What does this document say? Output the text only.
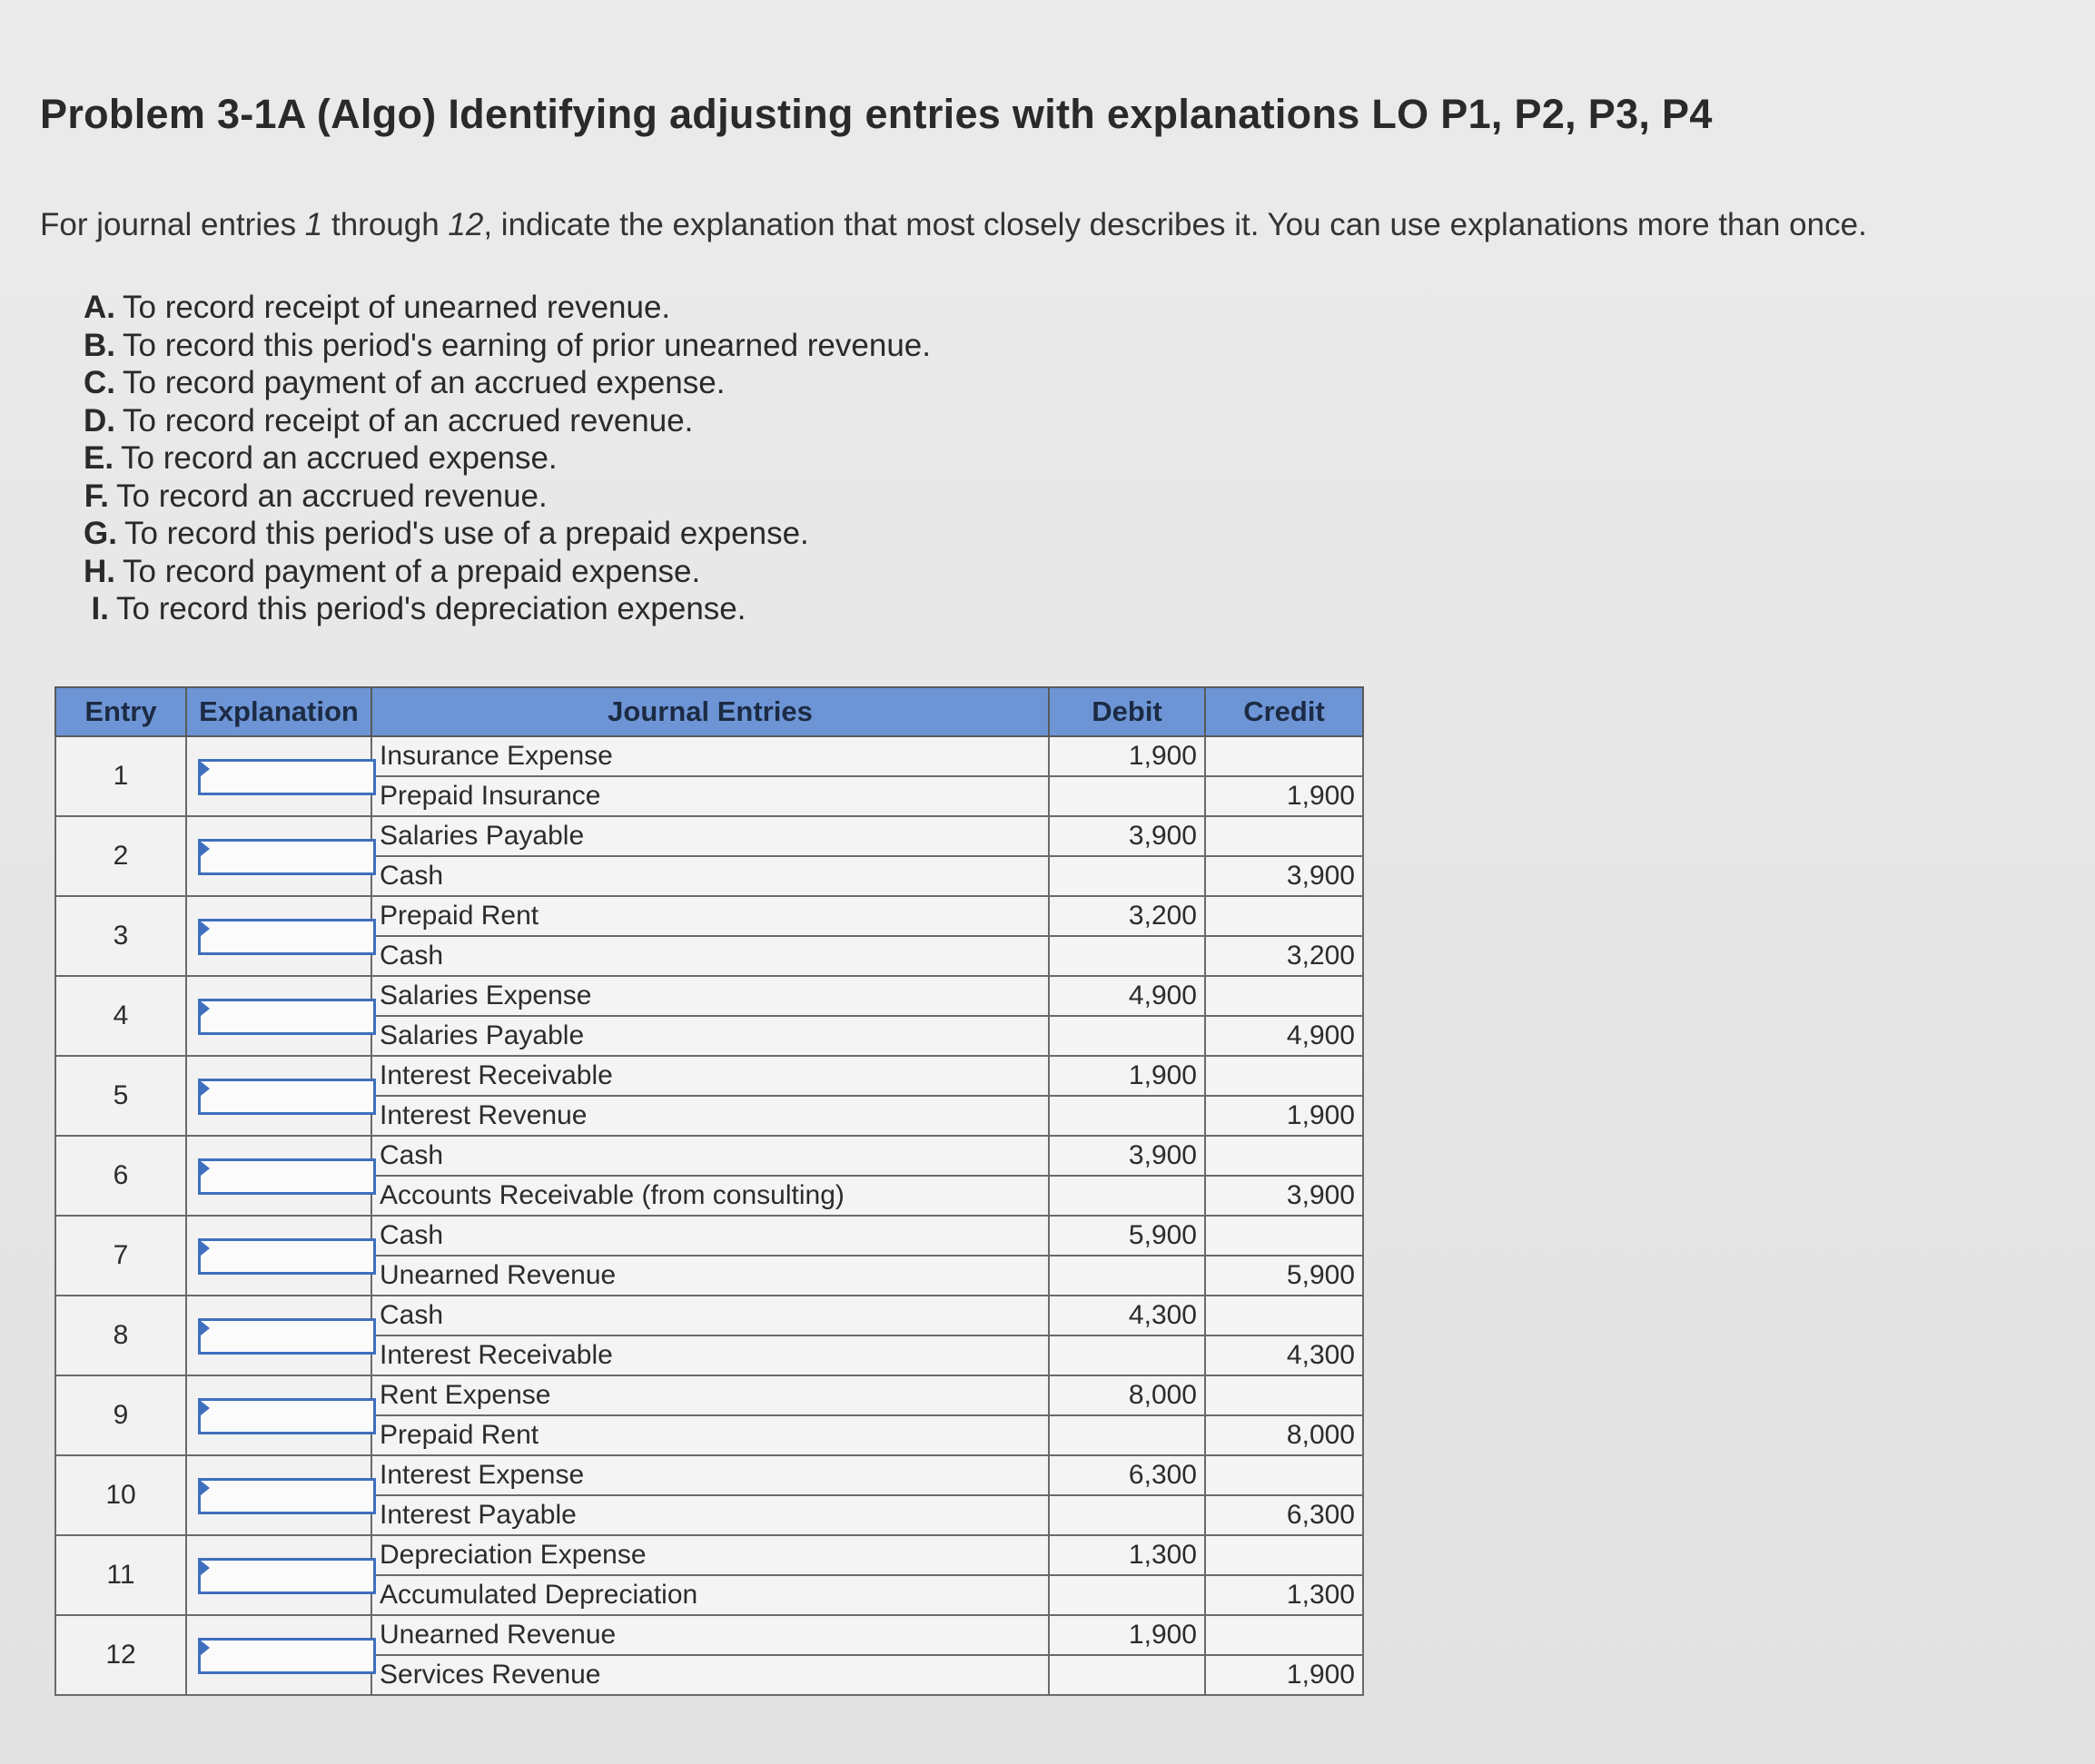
Problem 3-1A (Algo) Identifying adjusting entries with explanations LO P1, P2, P3, P4
For journal entries 1 through 12, indicate the explanation that most closely describes it. You can use explanations more than once.
A. To record receipt of unearned revenue.
B. To record this period's earning of prior unearned revenue.
C. To record payment of an accrued expense.
D. To record receipt of an accrued revenue.
E. To record an accrued expense.
F. To record an accrued revenue.
G. To record this period's use of a prepaid expense.
H. To record payment of a prepaid expense.
I. To record this period's depreciation expense.
Entry	Explanation	Journal Entries	Debit	Credit
1		Insurance Expense	1,900	
		Prepaid Insurance		1,900
2		Salaries Payable	3,900	
		Cash		3,900
3		Prepaid Rent	3,200	
		Cash		3,200
4		Salaries Expense	4,900	
		Salaries Payable		4,900
5		Interest Receivable	1,900	
		Interest Revenue		1,900
6		Cash	3,900	
		Accounts Receivable (from consulting)		3,900
7		Cash	5,900	
		Unearned Revenue		5,900
8		Cash	4,300	
		Interest Receivable		4,300
9		Rent Expense	8,000	
		Prepaid Rent		8,000
10		Interest Expense	6,300	
		Interest Payable		6,300
11		Depreciation Expense	1,300	
		Accumulated Depreciation		1,300
12		Unearned Revenue	1,900	
		Services Revenue		1,900
